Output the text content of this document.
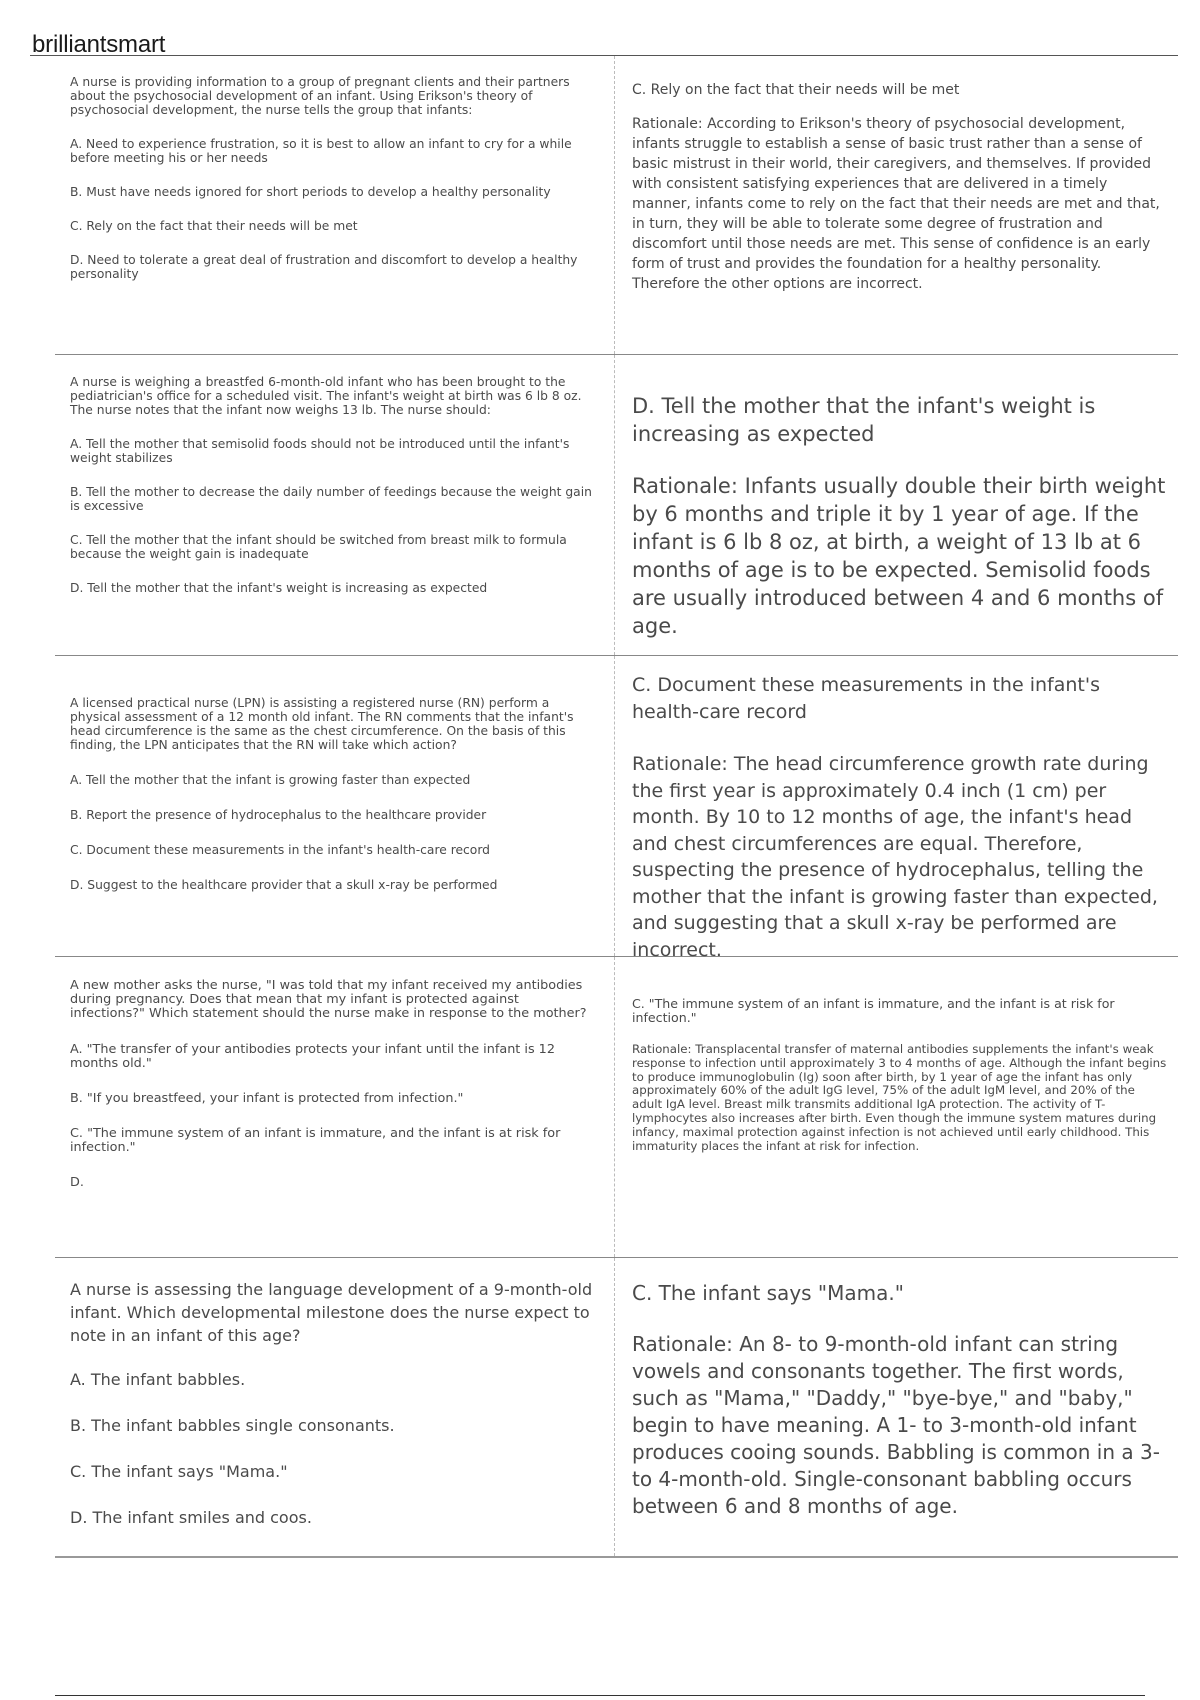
brilliantsmart

A nurse is providing information to a group of pregnant clients and their partners about the psychosocial development of an infant. Using Erikson's theory of psychosocial development, the nurse tells the group that infants:

A. Need to experience frustration, so it is best to allow an infant to cry for a while before meeting his or her needs

B. Must have needs ignored for short periods to develop a healthy personality

C. Rely on the fact that their needs will be met

D. Need to tolerate a great deal of frustration and discomfort to develop a healthy personality

C. Rely on the fact that their needs will be met

Rationale: According to Erikson's theory of psychosocial development, infants struggle to establish a sense of basic trust rather than a sense of basic mistrust in their world, their caregivers, and themselves. If provided with consistent satisfying experiences that are delivered in a timely manner, infants come to rely on the fact that their needs are met and that, in turn, they will be able to tolerate some degree of frustration and discomfort until those needs are met. This sense of confidence is an early form of trust and provides the foundation for a healthy personality. Therefore the other options are incorrect.

A nurse is weighing a breastfed 6-month-old infant who has been brought to the pediatrician's office for a scheduled visit. The infant's weight at birth was 6 lb 8 oz. The nurse notes that the infant now weighs 13 lb. The nurse should:

A. Tell the mother that semisolid foods should not be introduced until the infant's weight stabilizes

B. Tell the mother to decrease the daily number of feedings because the weight gain is excessive

C. Tell the mother that the infant should be switched from breast milk to formula because the weight gain is inadequate

D. Tell the mother that the infant's weight is increasing as expected

D. Tell the mother that the infant's weight is increasing as expected

Rationale: Infants usually double their birth weight by 6 months and triple it by 1 year of age. If the infant is 6 lb 8 oz, at birth, a weight of 13 lb at 6 months of age is to be expected. Semisolid foods are usually introduced between 4 and 6 months of age.

A licensed practical nurse (LPN) is assisting a registered nurse (RN) perform a physical assessment of a 12 month old infant. The RN comments that the infant's head circumference is the same as the chest circumference. On the basis of this finding, the LPN anticipates that the RN will take which action?

A. Tell the mother that the infant is growing faster than expected

B. Report the presence of hydrocephalus to the healthcare provider

C. Document these measurements in the infant's health-care record

D. Suggest to the healthcare provider that a skull x-ray be performed

C. Document these measurements in the infant's health-care record

Rationale: The head circumference growth rate during the first year is approximately 0.4 inch (1 cm) per month. By 10 to 12 months of age, the infant's head and chest circumferences are equal. Therefore, suspecting the presence of hydrocephalus, telling the mother that the infant is growing faster than expected, and suggesting that a skull x-ray be performed are incorrect.

A new mother asks the nurse, "I was told that my infant received my antibodies during pregnancy. Does that mean that my infant is protected against infections?" Which statement should the nurse make in response to the mother?

A. "The transfer of your antibodies protects your infant until the infant is 12 months old."

B. "If you breastfeed, your infant is protected from infection."

C. "The immune system of an infant is immature, and the infant is at risk for infection."

D.

C. "The immune system of an infant is immature, and the infant is at risk for infection."

Rationale: Transplacental transfer of maternal antibodies supplements the infant's weak response to infection until approximately 3 to 4 months of age. Although the infant begins to produce immunoglobulin (Ig) soon after birth, by 1 year of age the infant has only approximately 60% of the adult IgG level, 75% of the adult IgM level, and 20% of the adult IgA level. Breast milk transmits additional IgA protection. The activity of T-lymphocytes also increases after birth. Even though the immune system matures during infancy, maximal protection against infection is not achieved until early childhood. This immaturity places the infant at risk for infection.

A nurse is assessing the language development of a 9-month-old infant. Which developmental milestone does the nurse expect to note in an infant of this age?

A. The infant babbles.

B. The infant babbles single consonants.

C. The infant says "Mama."

D. The infant smiles and coos.

C. The infant says "Mama."

Rationale: An 8- to 9-month-old infant can string vowels and consonants together. The first words, such as "Mama," "Daddy," "bye-bye," and "baby," begin to have meaning. A 1- to 3-month-old infant produces cooing sounds. Babbling is common in a 3- to 4-month-old. Single-consonant babbling occurs between 6 and 8 months of age.
